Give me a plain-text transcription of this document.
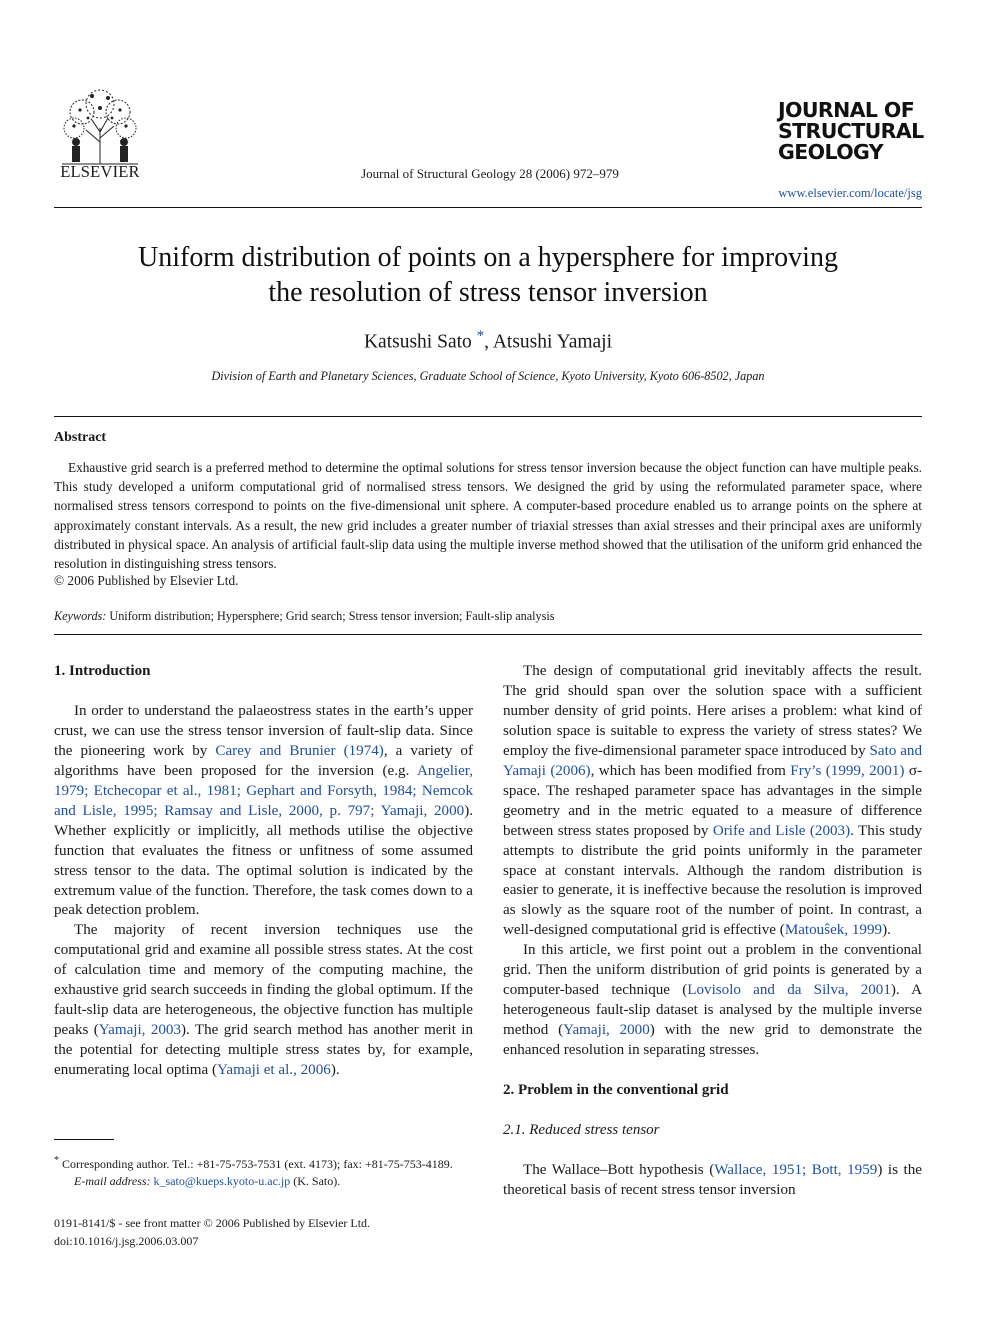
ELSEVIER	Journal of Structural Geology 28 (2006) 972–979
JOURNAL OF
STRUCTURAL
GEOLOGY
www.elsevier.com/locate/jsg
Uniform distribution of points on a hypersphere for improving
the resolution of stress tensor inversion
Katsushi Sato *, Atsushi Yamaji
Division of Earth and Planetary Sciences, Graduate School of Science, Kyoto University, Kyoto 606-8502, Japan
Abstract

Exhaustive grid search is a preferred method to determine the optimal solutions for stress tensor inversion because the object function can have multiple peaks. This study developed a uniform computational grid of normalised stress tensors. We designed the grid by using the reformulated parameter space, where normalised stress tensors correspond to points on the five-dimensional unit sphere. A computer-based procedure enabled us to arrange points on the sphere at approximately constant intervals. As a result, the new grid includes a greater number of triaxial stresses than axial stresses and their principal axes are uniformly distributed in physical space. An analysis of artificial fault-slip data using the multiple inverse method showed that the utilisation of the uniform grid enhanced the resolution in distinguishing stress tensors.

© 2006 Published by Elsevier Ltd.
Keywords: Uniform distribution; Hypersphere; Grid search; Stress tensor inversion; Fault-slip analysis

1. Introduction

In order to understand the palaeostress states in the earth’s upper crust, we can use the stress tensor inversion of fault-slip data. Since the pioneering work by Carey and Brunier (1974), a variety of algorithms have been proposed for the inversion (e.g. Angelier, 1979; Etchecopar et al., 1981; Gephart and Forsyth, 1984; Nemcok and Lisle, 1995; Ramsay and Lisle, 2000, p. 797; Yamaji, 2000). Whether explicitly or implicitly, all methods utilise the objective function that evaluates the fitness or unfitness of some assumed stress tensor to the data. The optimal solution is indicated by the extremum value of the function. Therefore, the task comes down to a peak detection problem.

The majority of recent inversion techniques use the computational grid and examine all possible stress states. At the cost of calculation time and memory of the computing machine, the exhaustive grid search succeeds in finding the global optimum. If the fault-slip data are heterogeneous, the objective function has multiple peaks (Yamaji, 2003). The grid search method has another merit in the potential for detecting multiple stress states by, for example, enumerating local optima (Yamaji et al., 2006).

* Corresponding author. Tel.: +81-75-753-7531 (ext. 4173); fax: +81-75-753-4189.

E-mail address: k_sato@kueps.kyoto-u.ac.jp (K. Sato).

0191-8141/$ - see front matter © 2006 Published by Elsevier Ltd.
doi:10.1016/j.jsg.2006.03.007

The design of computational grid inevitably affects the result. The grid should span over the solution space with a sufficient number density of grid points. Here arises a problem: what kind of solution space is suitable to express the variety of stress states? We employ the five-dimensional parameter space introduced by Sato and Yamaji (2006), which has been modified from Fry’s (1999, 2001) σ-space. The reshaped parameter space has advantages in the simple geometry and in the metric equated to a measure of difference between stress states proposed by Orife and Lisle (2003). This study attempts to distribute the grid points uniformly in the parameter space at constant intervals. Although the random distribution is easier to generate, it is ineffective because the resolution is improved as slowly as the square root of the number of point. In contrast, a well-designed computational grid is effective (Matouŝek, 1999).

In this article, we first point out a problem in the conventional grid. Then the uniform distribution of grid points is generated by a computer-based technique (Lovisolo and da Silva, 2001). A heterogeneous fault-slip dataset is analysed by the multiple inverse method (Yamaji, 2000) with the new grid to demonstrate the enhanced resolution in separating stresses.

2. Problem in the conventional grid

2.1. Reduced stress tensor

The Wallace–Bott hypothesis (Wallace, 1951; Bott, 1959) is the theoretical basis of recent stress tensor inversion
